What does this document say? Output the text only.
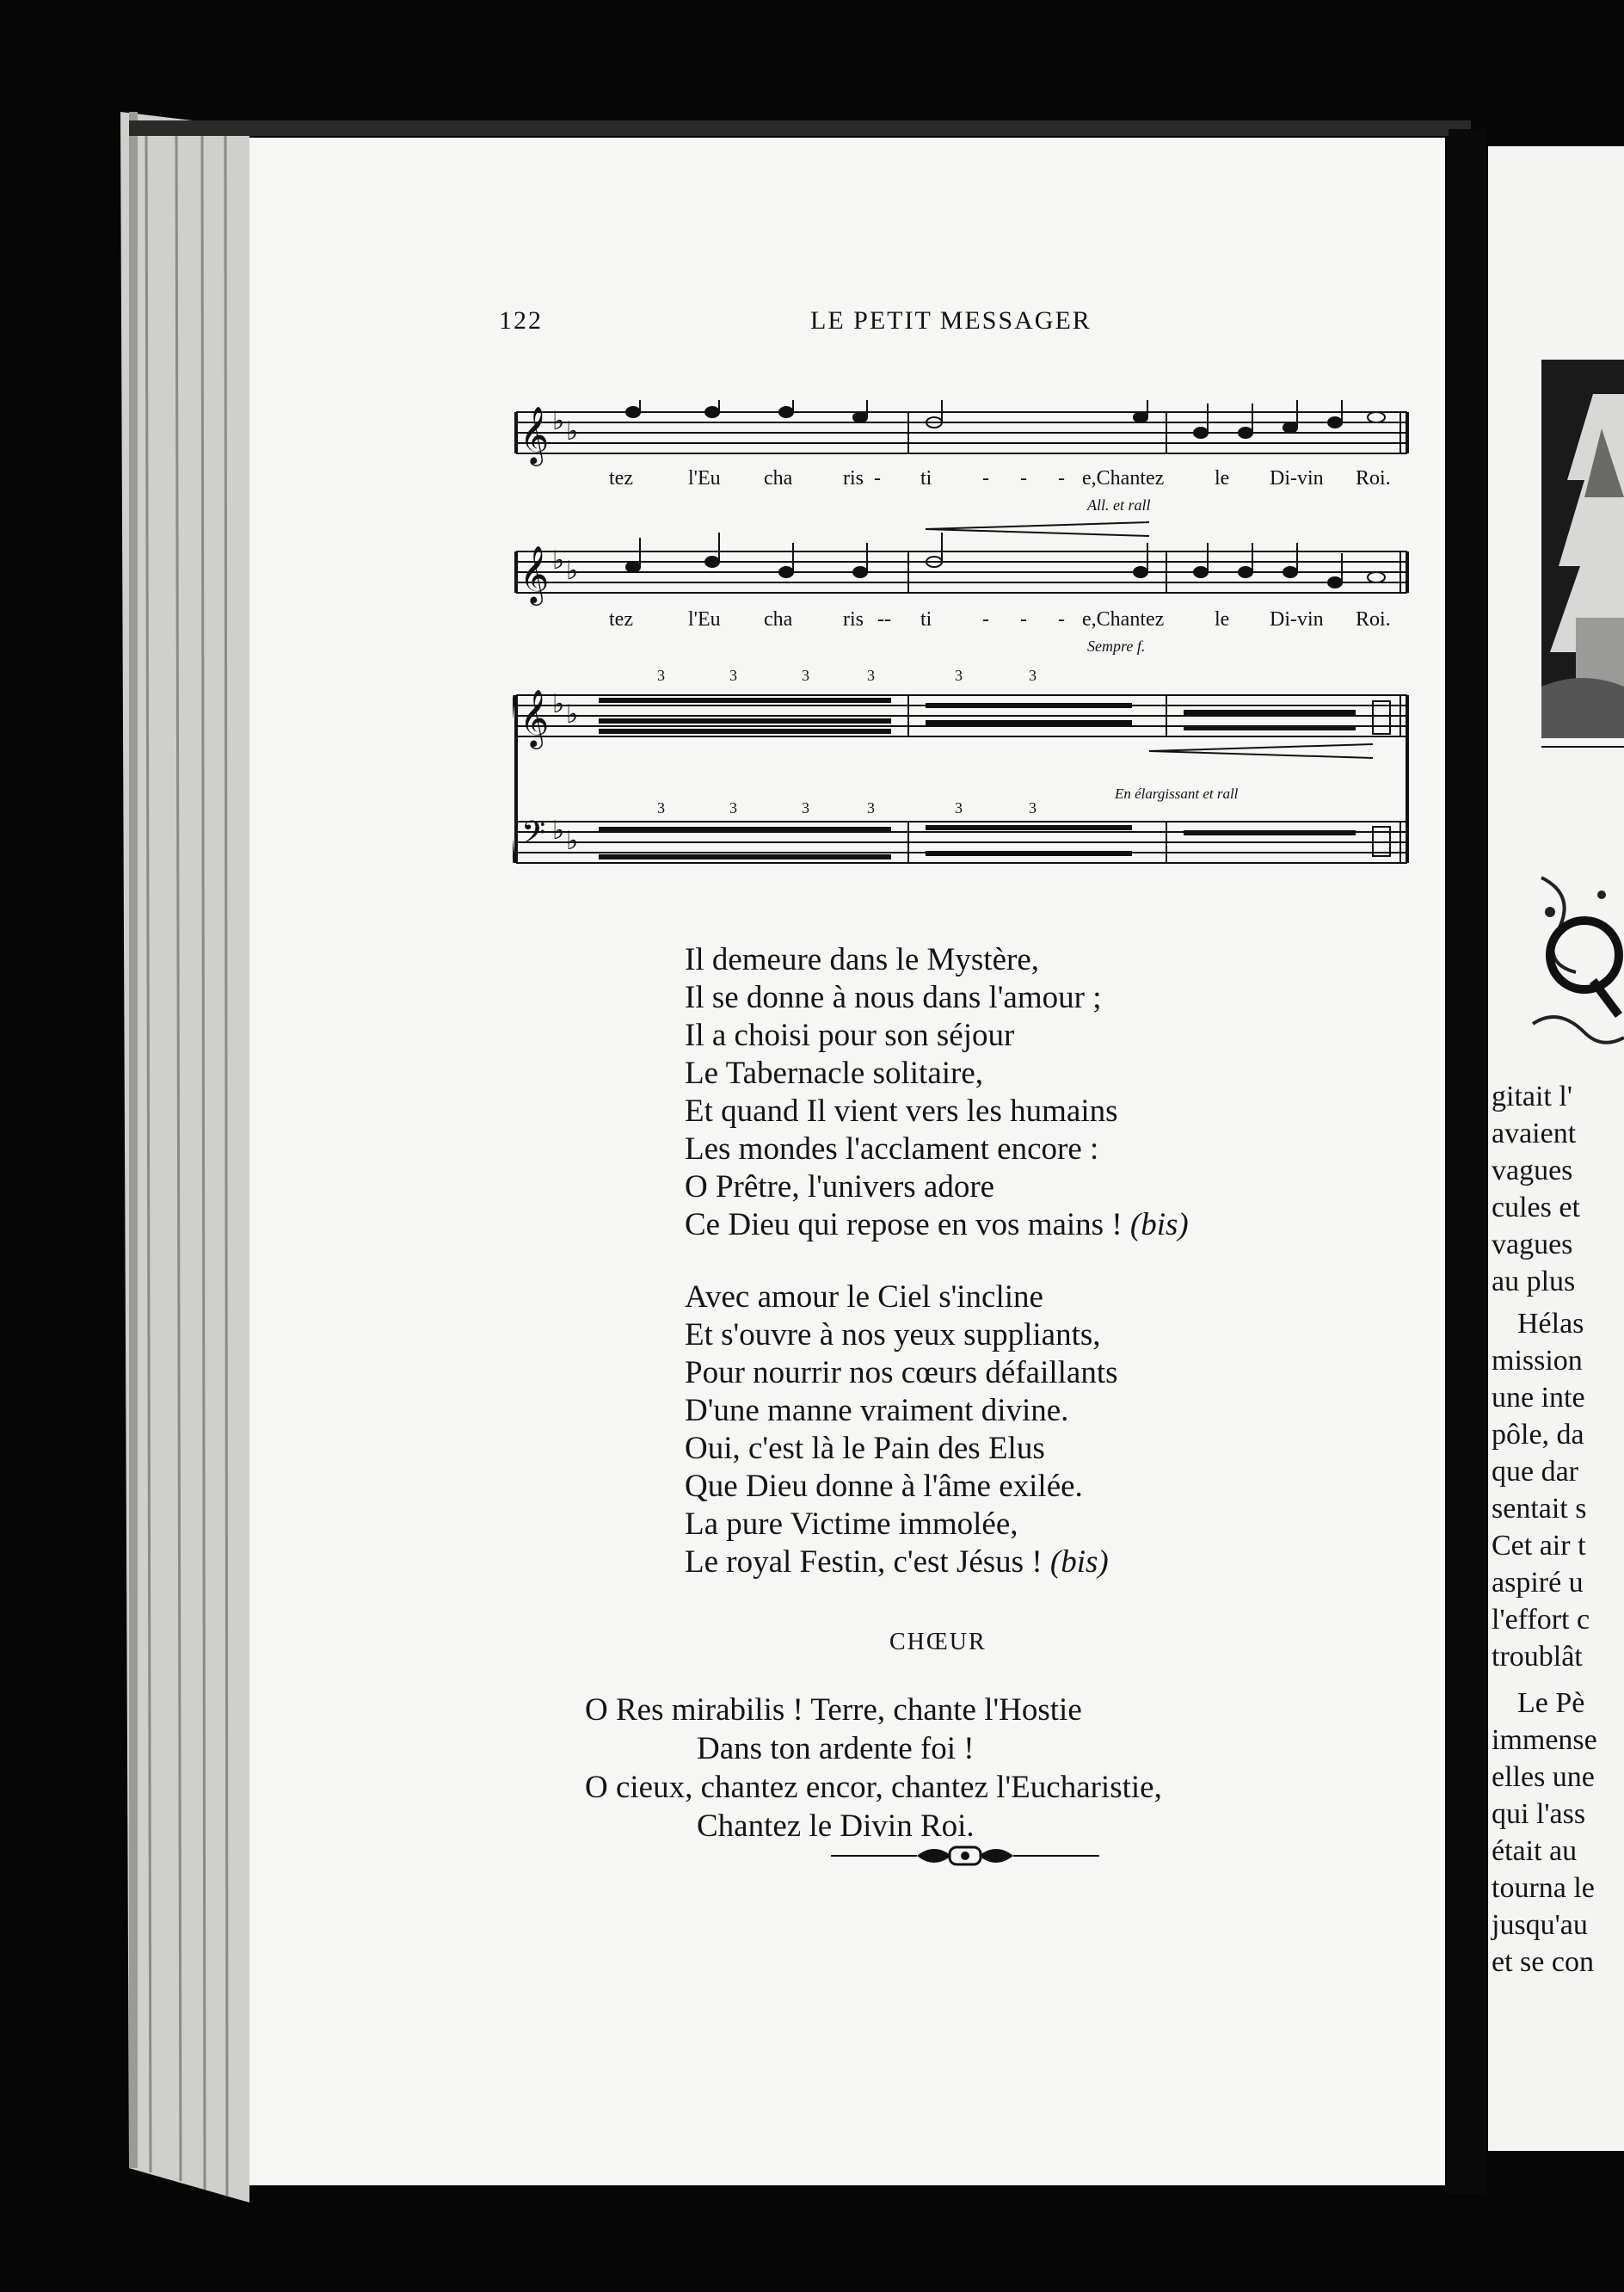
122	LE PETIT MESSAGER
𝄞
𝄞
𝄞
𝄢
♭ ♭
♭ ♭
♭ ♭
♭ ♭
tez	l'Eu cha ris - ti - - - e,Chantez le Di-vin Roi.
All. et rall
tez	l'Eu cha ris -- ti - - - e,Chantez le Di-vin Roi.
Sempre f.
En élargissant et rall
3	3	3	3	3	3
3	3	3	3	3	3
Il demeure dans le Mystère,
Il se donne à nous dans l'amour ;
Il a choisi pour son séjour
Le Tabernacle solitaire,
Et quand Il vient vers les humains
Les mondes l'acclament encore :
O Prêtre, l'univers adore
Ce Dieu qui repose en vos mains ! (bis)
Avec amour le Ciel s'incline
Et s'ouvre à nos yeux suppliants,
Pour nourrir nos cœurs défaillants
D'une manne vraiment divine.
Oui, c'est là le Pain des Elus
Que Dieu donne à l'âme exilée.
La pure Victime immolée,
Le royal Festin, c'est Jésus ! (bis)
CHŒUR
O Res mirabilis ! Terre, chante l'Hostie
Dans ton ardente foi !
O cieux, chantez encor, chantez l'Eucharistie,
Chantez le Divin Roi.
gitait l'
avaient
vagues
cules et
vagues
au plus
Hélas
mission
une inte
pôle, da
que dar
sentait s
Cet air t
aspiré u
l'effort c
troublât
Le Pè
immense
elles une
qui l'ass
était au
tourna le
jusqu'au
et se con
